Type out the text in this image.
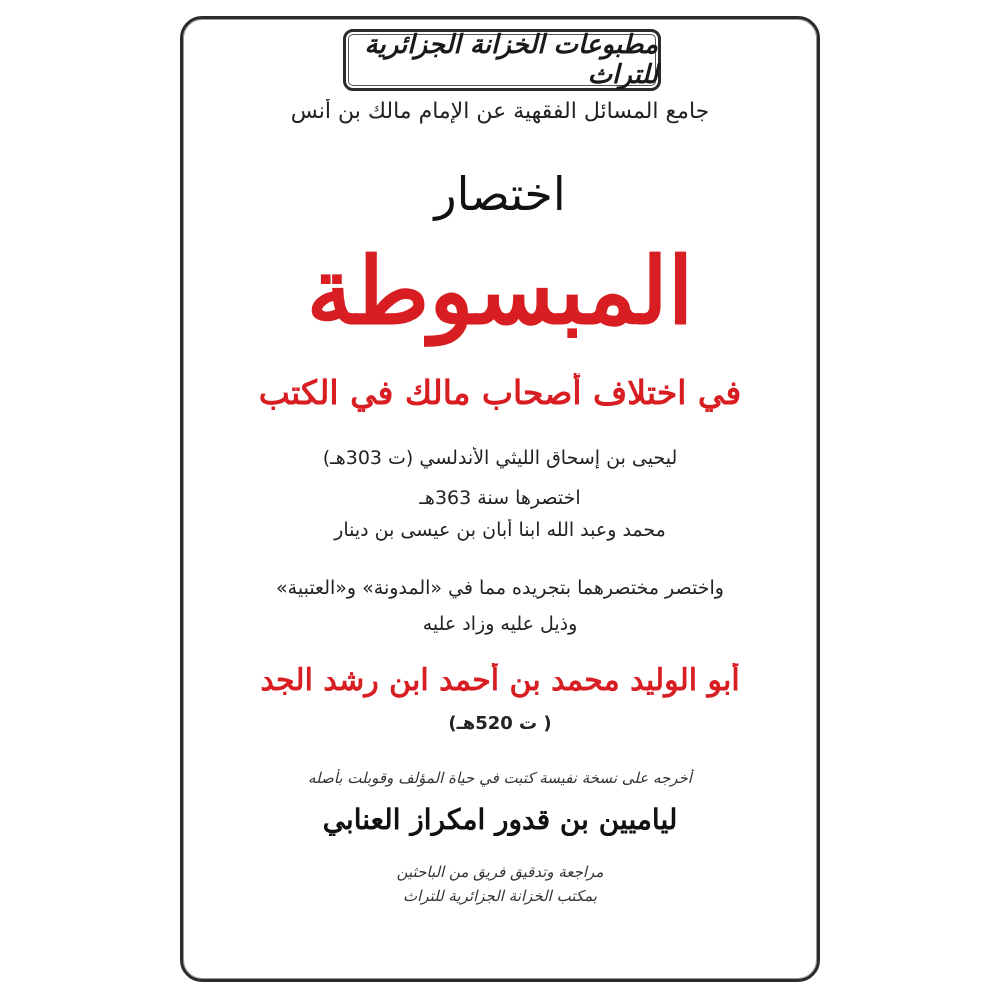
مطبوعات الخزانة الجزائرية للتراث
جامع المسائل الفقهية عن الإمام مالك بن أنس
اختصار
المبسوطة
في اختلاف أصحاب مالك في الكتب
ليحيى بن إسحاق الليثي الأندلسي (ت 303هـ)
اختصرها سنة 363هـ
محمد وعبد الله ابنا أبان بن عيسى بن دينار
واختصر مختصرهما بتجريده مما في «المدونة» و«العتبية»
وذيل عليه وزاد عليه
أبو الوليد محمد بن أحمد ابن رشد الجد
( ت 520هـ)
أخرجه على نسخة نفيسة كتبت في حياة المؤلف وقوبلت بأصله
لياميين بن قدور امكراز العنابي
مراجعة وتدقيق فريق من الباحثين
بمكتب الخزانة الجزائرية للتراث
